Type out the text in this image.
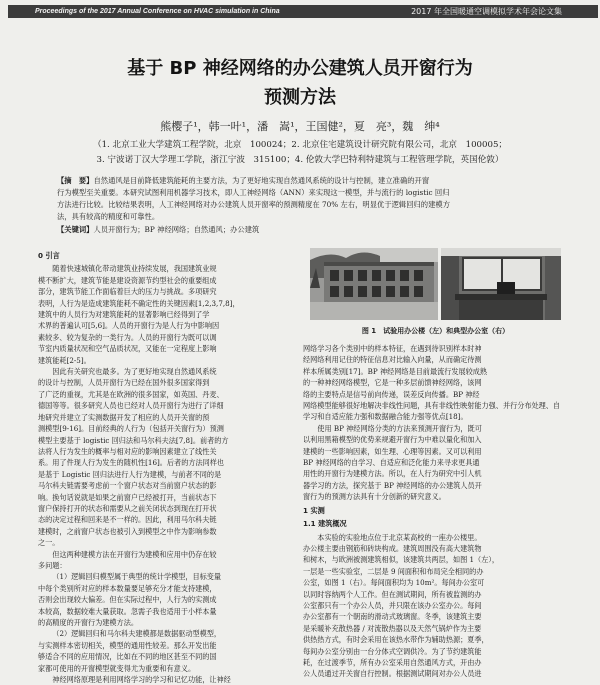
Proceedings of the 2017 Annual Conference on HVAC simulation in China	2017 年全国暖通空调模拟学术年会论文集
基于 BP 神经网络的办公建筑人员开窗行为
预测方法
熊樱子¹，韩一叶¹，潘　嵩¹，王国健²，夏　亮³，魏　绅⁴
（1. 北京工业大学建筑工程学院，北京　100024；2. 北京住宅建筑设计研究院有限公司，北京　100005；
3. 宁波诺丁汉大学理工学院，浙江宁波　315100；4. 伦敦大学巴特利特建筑与工程管理学院，英国伦敦）
【摘　要】自然通风是目前降低建筑能耗的主要方法，为了更好地实现自然通风系统的设计与控制，建立准确的开窗
行为模型至关重要。本研究试图利用机器学习技术，即人工神经网络（ANN）来实现这一模型，并与流行的 logistic 回归
方法进行比较。比较结果表明，人工神经网络对办公建筑人员开窗率的预测精度在 70% 左右，明显优于逻辑回归的建模方
法，具有较高的精度和可靠性。
【关键词】人员开窗行为；BP 神经网络；自然通风；办公建筑

0 引言

随着快速城镇化带动建筑业持续发展，我国建筑业规

模不断扩大，建筑节能是建设资源节约型社会的重要组成

部分，建筑节能工作面临着巨大的压力与挑战。多项研究

表明，人行为是造成建筑能耗不确定性的关键因素[1,2,3,7,8]，

建筑中的人员行为对建筑能耗的显著影响已经得到了学

术界的普遍认可[5,6]。人员的开窗行为是人行为中影响因

素较多、较为复杂的一类行为。人员的开窗行为既可以调

节室内质量状况和空气品质状况，又能在一定程度上影响

建筑能耗[2-5]。

因此有关研究也最多。为了更好地实现自然通风系统

的设计与控制，人员开窗行为已经在国外很多国家得到

了广泛的重视，尤其是在欧洲的很多国家，如英国、丹麦、

德国等等。很多研究人员也已经对人员开窗行为进行了详细

地研究并建立了实测数据开发了相应的人员开关窗的预

测模型[9-16]。目前经典的人行为（包括开关窗行为）预测

模型主要基于 logistic 回归法和马尔科夫法[7,8]。前者的方

法将人行为发生的概率与相对应的影响因素建立了线性关

系。用了件现人行为发生的随机性[16]。后者的方法同样也

是基于 Logistic 回归法进行人行为建模，与前者不同的是

马尔科夫链需要考虑前一个窗户状态对当前窗户状态的影

响。换句话说就是如果之前窗户已经被打开，当前状态下

窗户保持打开的状态和需要从之前关闭状态到现在打开状

态的决定过程和回来是不一样的。因此，利用马尔科夫链

建模时，之前窗户状态也被引入到模型之中作为影响参数

之一。

但这两种建模方法在开窗行为建模和应用中仍存在较

多问题：

（1）逻辑回归模型属于典型的统计学模型，目标变量

中每个类别所对应的样本数量要足够充分才能支持建模，

否则会出现较大偏差。但在实际过程中，人行为的实测成

本较高，数据较难大量获取。忽需子我也适用于小样本量

的高精度的开窗行为建模方法。

（2）逻辑回归和马尔科夫建模都是数据驱动型模型，

与实测样本密切相关，模型的通用性较差。那么开发出能

够适合不同的应用情况，比如在不同的地区甚至不同的国

家都可使用的开窗模型就变得尤为重要和有意义。

神经网络原理是利用网络学习的学习和记忆功能，让神经

图 1　试验用办公楼（左）和典型办公室（右）

网络学习各个类别中的样本特征，在遇到待识别样本时神

经网络利用记住的特征信息对比输入向量，从而确定待测

样本所属类别[17]。BP 神经网络是目前最流行发展较成熟

的一种神经网络模型，它是一种多层前馈神经网络，该网

络的主要特点是信号前向传递，误差反向传播。BP 神经

网络模型能够很好地解决非线性问题，具有非线性映射能力强、并行分布处理、自

学习和自适应能力强和数据融合能力强等优点[18]。

使用 BP 神经网络分类的方法来预测开窗行为，既可

以利用黑箱模型的优势来规避开窗行为中难以量化和加入

建模的一些影响因素，如生理、心理等因素。又可以利用

BP 神经网络的自学习、自适应和泛化能力来寻求更具通

用性的开窗行为建模方法。所以，在人行为研究中引人机

器学习的方法，探究基于 BP 神经网络的办公建筑人员开

窗行为的预测方法具有十分创新的研究意义。

1 实测

1.1 建筑概况

本实验的实验地点位于北京某高校的一座办公楼里。

办公楼主要由钢筋和砖块构成。建筑周围没有高大建筑物

和树木，与欧洲被测建筑相似，该建筑共两层，如图 1（左），

一层是一些实验室，二层是 9 间面积和布局完全相同的办

公室，如图 1（右）。每间面积均为 10m²。每间办公室可

以同时容纳两个人工作。但在测试期间，所有被监测的办

公室都只有一个办公人员，并只限在该办公室办公。每间

办公室都有一个朝南的滑动式玻璃窗。冬季，该建筑主要

是采暖补充散热器 / 对流散热器以及天然气锅炉作为主要

供热热方式，有时会采用在该热水带作为辅助热源；夏季，

每间办公室分别由一台分体式空调供冷。为了节约建筑能

耗，在过渡季节，所有办公室采用自然通风方式，开由办

公人员通过开关窗自行控制。根据测试期间对办公人员进
